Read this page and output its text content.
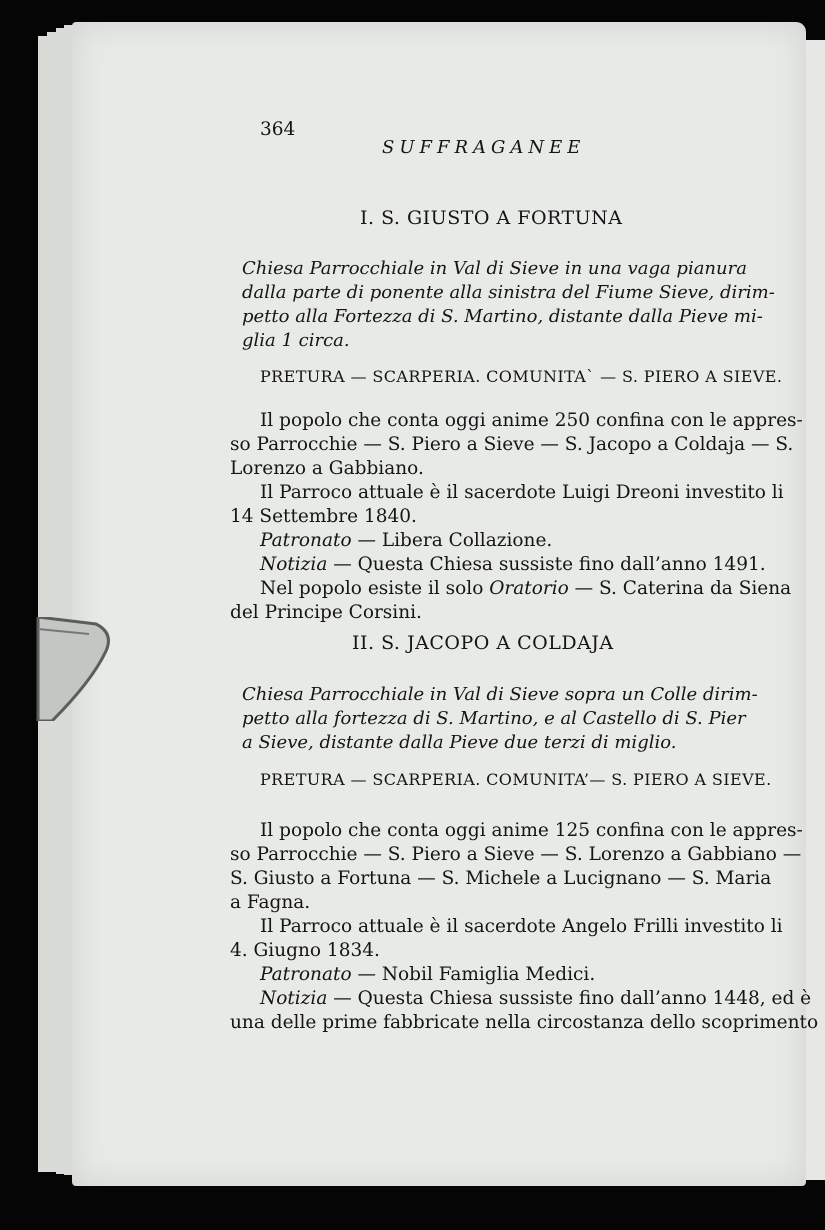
364
SUFFRAGANEE
I. S. GIUSTO A FORTUNA
Chiesa Parrocchiale in Val di Sieve in una vaga pianura
dalla parte di ponente alla sinistra del Fiume Sieve, dirim-
petto alla Fortezza di S. Martino, distante dalla Pieve mi-
glia 1 circa.
PRETURA — SCARPERIA. COMUNITA` — S. PIERO A SIEVE.
Il popolo che conta oggi anime 250 confina con le appres-
so Parrocchie — S. Piero a Sieve — S. Jacopo a Coldaja — S.
Lorenzo a Gabbiano.
Il Parroco attuale è il sacerdote Luigi Dreoni investito li
14 Settembre 1840.
Patronato — Libera Collazione.
Notizia — Questa Chiesa sussiste fino dall’anno 1491.
Nel popolo esiste il solo Oratorio — S. Caterina da Siena
del Principe Corsini.
II. S. JACOPO A COLDAJA
Chiesa Parrocchiale in Val di Sieve sopra un Colle dirim-
petto alla fortezza di S. Martino, e al Castello di S. Pier
a Sieve, distante dalla Pieve due terzi di miglio.
PRETURA — SCARPERIA. COMUNITA’— S. PIERO A SIEVE.
Il popolo che conta oggi anime 125 confina con le appres-
so Parrocchie — S. Piero a Sieve — S. Lorenzo a Gabbiano —
S. Giusto a Fortuna — S. Michele a Lucignano — S. Maria
a Fagna.
Il Parroco attuale è il sacerdote Angelo Frilli investito li
4. Giugno 1834.
Patronato — Nobil Famiglia Medici.
Notizia — Questa Chiesa sussiste fino dall’anno 1448, ed è
una delle prime fabbricate nella circostanza dello scoprimento
